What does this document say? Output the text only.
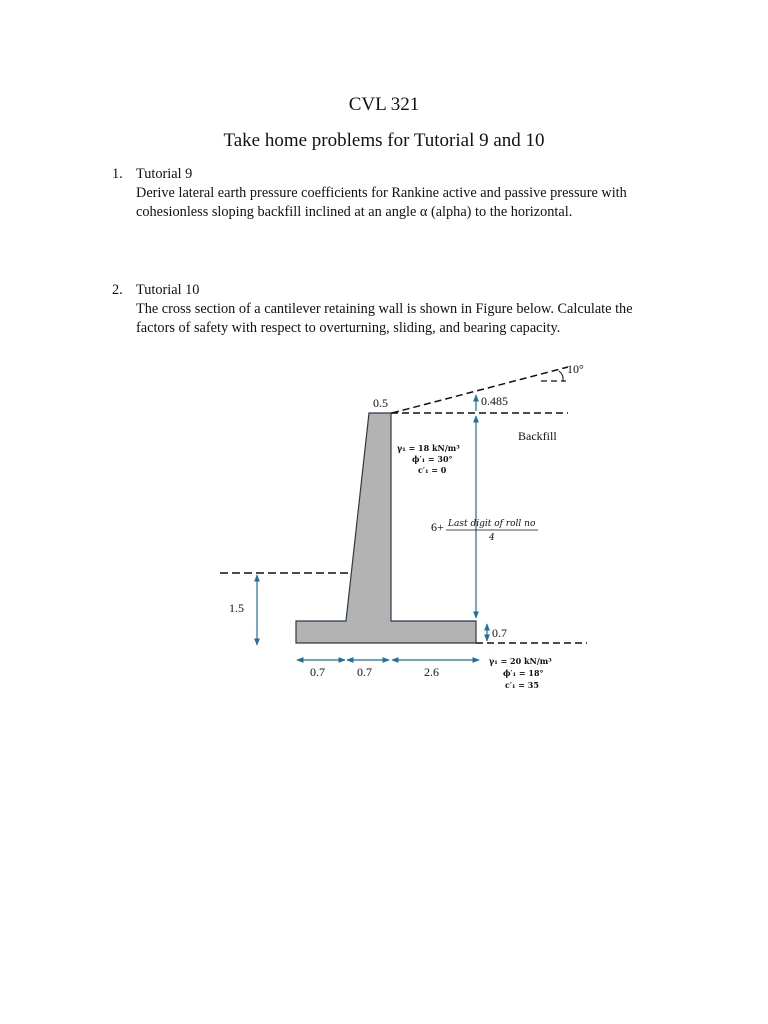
CVL 321
Take home problems for Tutorial 9 and 10
1. Tutorial 9
Derive lateral earth pressure coefficients for Rankine active and passive pressure with cohesionless sloping backfill inclined at an angle α (alpha) to the horizontal.
2. Tutorial 10
The cross section of a cantilever retaining wall is shown in Figure below. Calculate the factors of safety with respect to overturning, sliding, and bearing capacity.
10°
0.5	0.485
Backfill
γ₁ = 18 kN/m³
ϕ′₁ = 30°
c′₁ = 0
6+ Last digit of roll no
4
1.5
0.7
0.7	0.7	2.6
γ₁ = 20 kN/m³
ϕ′₁ = 18°
c′₁ = 35
